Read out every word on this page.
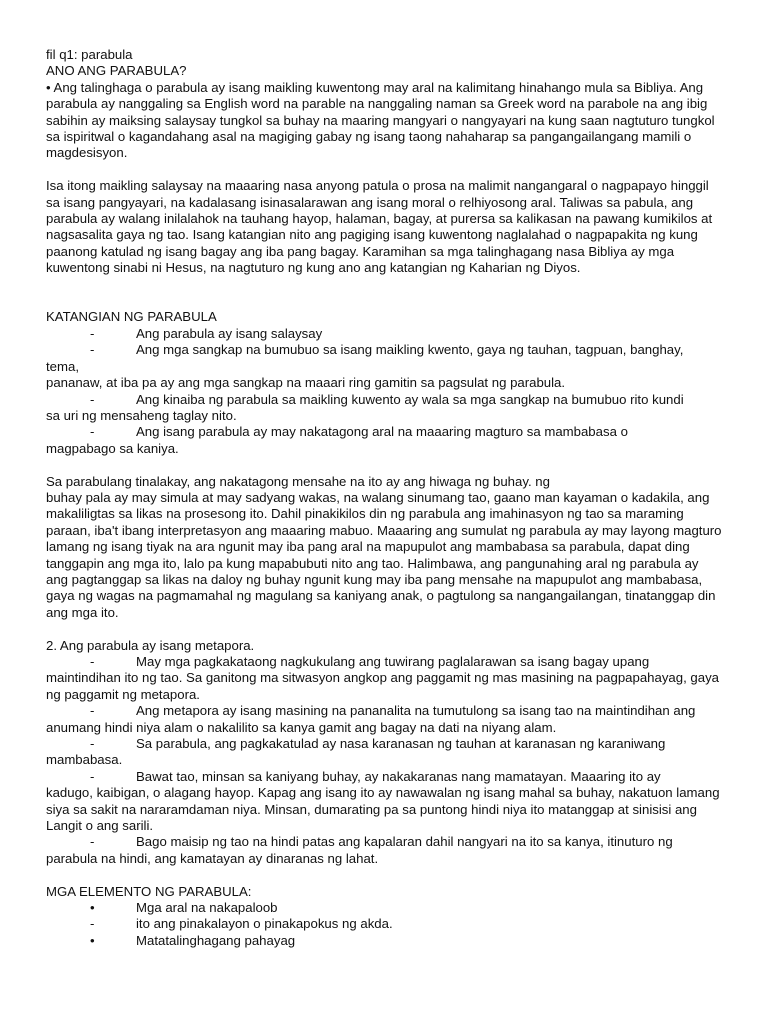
fil q1: parabula

ANO ANG PARABULA?

• Ang talinghaga o parabula ay isang maikling kuwentong may aral na kalimitang hinahango mula sa Bibliya. Ang parabula ay nanggaling sa English word na parable na nanggaling naman sa Greek word na parabole na ang ibig sabihin ay maiksing salaysay tungkol sa buhay na maaring mangyari o nangyayari na kung saan nagtuturo tungkol sa ispiritwal o kagandahang asal na magiging gabay ng isang taong nahaharap sa pangangailangang mamili o magdesisyon.

Isa itong maikling salaysay na maaaring nasa anyong patula o prosa na malimit nangangaral o nagpapayo hinggil sa isang pangyayari, na kadalasang isinasalarawan ang isang moral o relhiyosong aral. Taliwas sa pabula, ang parabula ay walang inilalahok na tauhang hayop, halaman, bagay, at purersa sa kalikasan na pawang kumikilos at nagsasalita gaya ng tao. Isang katangian nito ang pagiging isang kuwentong naglalahad o nagpapakita ng kung paanong katulad ng isang bagay ang iba pang bagay. Karamihan sa mga talinghagang nasa Bibliya ay mga kuwentong sinabi ni Hesus, na nagtuturo ng kung ano ang katangian ng Kaharian ng Diyos.

KATANGIAN NG PARABULA

-	Ang parabula ay isang salaysay
-	Ang mga sangkap na bumubuo sa isang maikling kwento, gaya ng tauhan, tagpuan, banghay,

tema,

pananaw, at iba pa ay ang mga sangkap na maaari ring gamitin sa pagsulat ng parabula.

-	Ang kinaiba ng parabula sa maikling kuwento ay wala sa mga sangkap na bumubuo rito kundi

sa uri ng mensaheng taglay nito.

-	Ang isang parabula ay may nakatagong aral na maaaring magturo sa mambabasa o

magpabago sa kaniya.

Sa parabulang tinalakay, ang nakatagong mensahe na ito ay ang hiwaga ng buhay. ng

buhay pala ay may simula at may sadyang wakas, na walang sinumang tao, gaano man kayaman o kadakila, ang makaliligtas sa likas na prosesong ito. Dahil pinakikilos din ng parabula ang imahinasyon ng tao sa maraming paraan, iba't ibang interpretasyon ang maaaring mabuo. Maaaring ang sumulat ng parabula ay may layong magturo lamang ng isang tiyak na ara ngunit may iba pang aral na mapupulot ang mambabasa sa parabula, dapat ding tanggapin ang mga ito, lalo pa kung mapabubuti nito ang tao. Halimbawa, ang pangunahing aral ng parabula ay ang pagtanggap sa likas na daloy ng buhay ngunit kung may iba pang mensahe na mapupulot ang mambabasa, gaya ng wagas na pagmamahal ng magulang sa kaniyang anak, o pagtulong sa nangangailangan, tinatanggap din ang mga ito.

2. Ang parabula ay isang metapora.

-	May mga pagkakataong nagkukulang ang tuwirang paglalarawan sa isang bagay upang

maintindihan ito ng tao. Sa ganitong ma sitwasyon angkop ang paggamit ng mas masining na pagpapahayag, gaya ng paggamit ng metapora.

-	Ang metapora ay isang masining na pananalita na tumutulong sa isang tao na maintindihan ang

anumang hindi niya alam o nakalilito sa kanya gamit ang bagay na dati na niyang alam.

-	Sa parabula, ang pagkakatulad ay nasa karanasan ng tauhan at karanasan ng karaniwang

mambabasa.

-	Bawat tao, minsan sa kaniyang buhay, ay nakakaranas nang mamatayan. Maaaring ito ay

kadugo, kaibigan, o alagang hayop. Kapag ang isang ito ay nawawalan ng isang mahal sa buhay, nakatuon lamang siya sa sakit na nararamdaman niya. Minsan, dumarating pa sa puntong hindi niya ito matanggap at sinisisi ang Langit o ang sarili.

-	Bago maisip ng tao na hindi patas ang kapalaran dahil nangyari na ito sa kanya, itinuturo ng

parabula na hindi, ang kamatayan ay dinaranas ng lahat.

MGA ELEMENTO NG PARABULA:

•	Mga aral na nakapaloob
-	ito ang pinakalayon o pinakapokus ng akda.
•	Matatalinghagang pahayag
